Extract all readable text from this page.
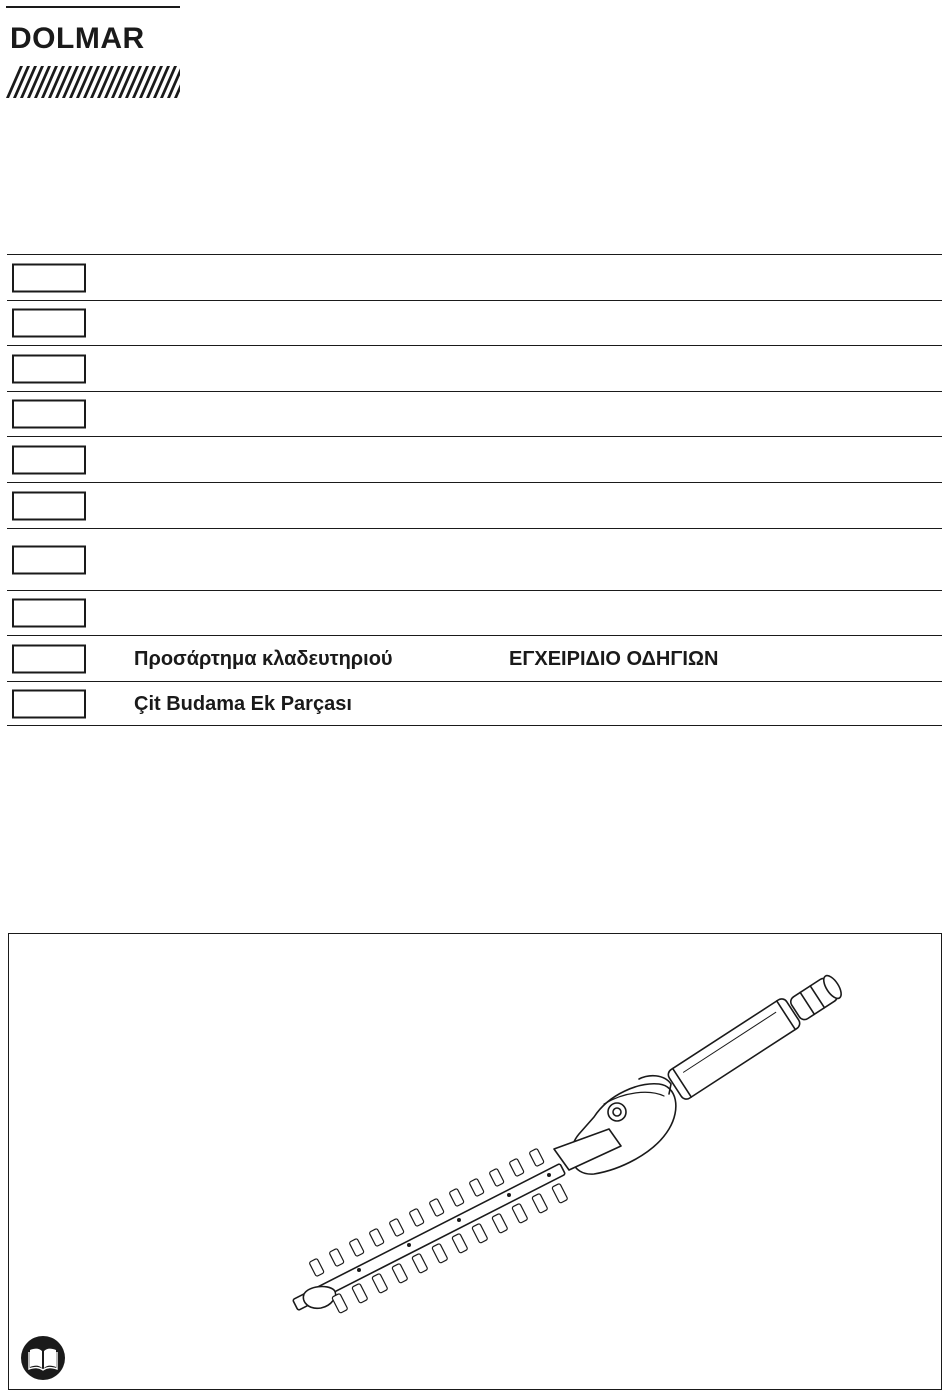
DOLMAR
Προσάρτημα κλαδευτηριού	ΕΓΧΕΙΡΙΔΙΟ ΟΔΗΓΙΩΝ
Çit Budama Ek Parçası
